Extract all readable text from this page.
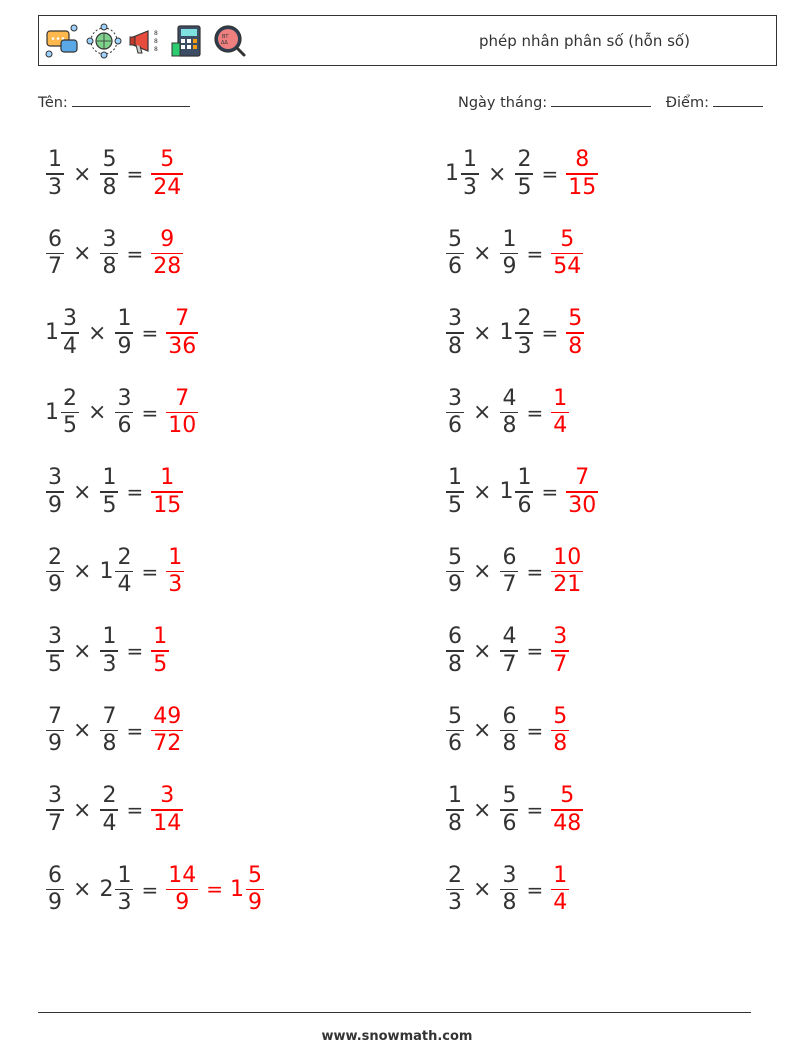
8
8
8
BT
ΔΔ	phép nhân phân số (hỗn số)
Tên:	Ngày tháng:	Điểm:
$\frac{1}{3} \times \frac{5}{8} = \frac{5}{24}$	$1 \frac{1}{3} \times \frac{2}{5} = \frac{8}{15}$
$\frac{6}{7} \times \frac{3}{8} = \frac{9}{28}$	$\frac{5}{6} \times \frac{1}{9} = \frac{5}{54}$
$1 \frac{3}{4} \times \frac{1}{9} = \frac{7}{36}$	$\frac{3}{8} \times 1 \frac{2}{3} = \frac{5}{8}$
$1 \frac{2}{5} \times \frac{3}{6} = \frac{7}{10}$	$\frac{3}{6} \times \frac{4}{8} = \frac{1}{4}$
$\frac{3}{9} \times \frac{1}{5} = \frac{1}{15}$	$\frac{1}{5} \times 1 \frac{1}{6} = \frac{7}{30}$
$\frac{2}{9} \times 1 \frac{2}{4} = \frac{1}{3}$	$\frac{5}{9} \times \frac{6}{7} = \frac{10}{21}$
$\frac{3}{5} \times \frac{1}{3} = \frac{1}{5}$	$\frac{6}{8} \times \frac{4}{7} = \frac{3}{7}$
$\frac{7}{9} \times \frac{7}{8} = \frac{49}{72}$	$\frac{5}{6} \times \frac{6}{8} = \frac{5}{8}$
$\frac{3}{7} \times \frac{2}{4} = \frac{3}{14}$	$\frac{1}{8} \times \frac{5}{6} = \frac{5}{48}$
$\frac{6}{9} \times 2 \frac{1}{3} = \frac{14}{9} = 1 \frac{5}{9}$	$\frac{2}{3} \times \frac{3}{8} = \frac{1}{4}$
www.snowmath.com
